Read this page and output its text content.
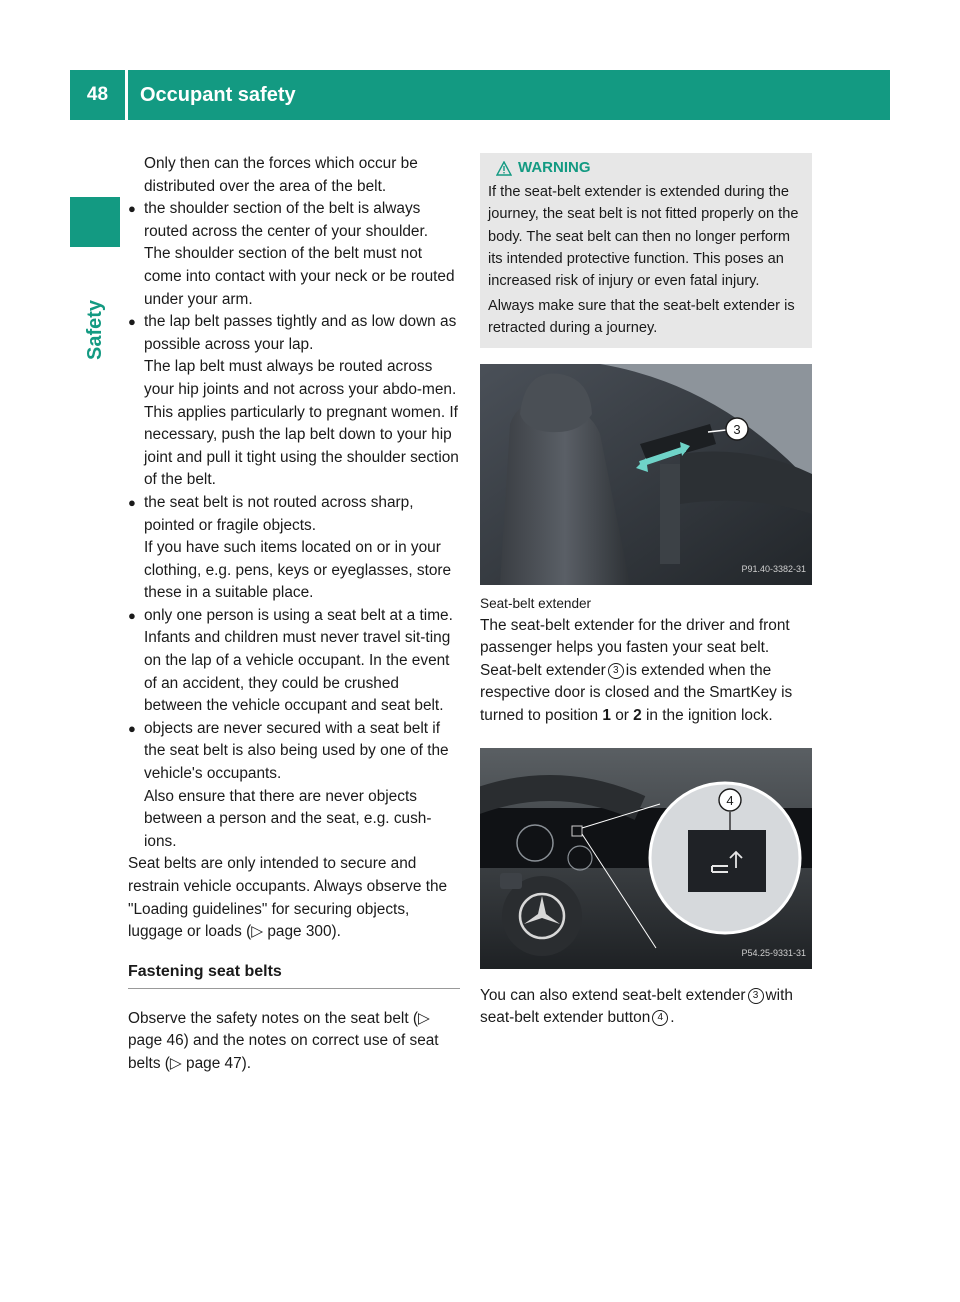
48	Occupant safety
Safety

Only then can the forces which occur be distributed over the area of the belt.

● the shoulder section of the belt is always routed across the center of your shoulder.

The shoulder section of the belt must not come into contact with your neck or be routed under your arm.

● the lap belt passes tightly and as low down as possible across your lap.

The lap belt must always be routed across your hip joints and not across your abdo-men. This applies particularly to pregnant women. If necessary, push the lap belt down to your hip joint and pull it tight using the shoulder section of the belt.

● the seat belt is not routed across sharp, pointed or fragile objects.

If you have such items located on or in your clothing, e.g. pens, keys or eyeglasses, store these in a suitable place.

● only one person is using a seat belt at a time.

Infants and children must never travel sit-ting on the lap of a vehicle occupant. In the event of an accident, they could be crushed between the vehicle occupant and seat belt.

● objects are never secured with a seat belt if the seat belt is also being used by one of the vehicle's occupants.

Also ensure that there are never objects between a person and the seat, e.g. cush-ions.

Seat belts are only intended to secure and restrain vehicle occupants. Always observe the "Loading guidelines" for securing objects, luggage or loads (▷ page 300).

Fastening seat belts

Observe the safety notes on the seat belt (▷ page 46) and the notes on correct use of seat belts (▷ page 47).

WARNING

If the seat-belt extender is extended during the journey, the seat belt is not fitted properly on the body. The seat belt can then no longer perform its intended protective function. This poses an increased risk of injury or even fatal injury.

Always make sure that the seat-belt extender is retracted during a journey.

3
P91.40-3382-31
Seat-belt extender

The seat-belt extender for the driver and front passenger helps you fasten your seat belt.

Seat-belt extender 3 is extended when the respective door is closed and the SmartKey is turned to position 1 or 2 in the ignition lock.

4
P54.25-9331-31

You can also extend seat-belt extender 3 with seat-belt extender button 4 .
